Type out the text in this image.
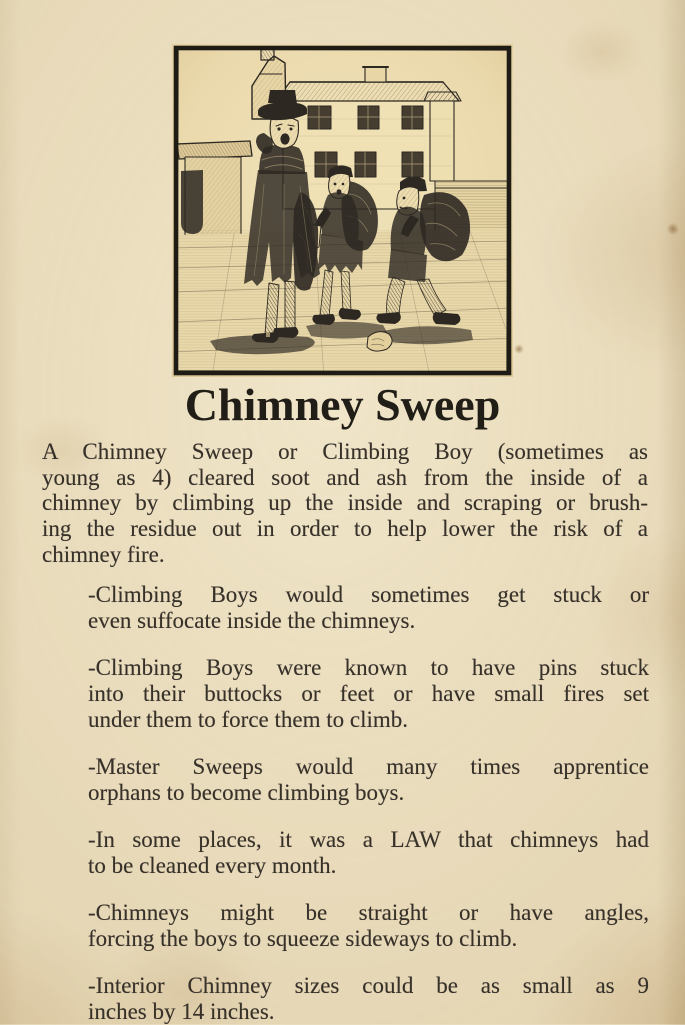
Chimney Sweep
A Chimney Sweep or Climbing Boy (sometimes as
young as 4) cleared soot and ash from the inside of a
chimney by climbing up the inside and scraping or brush-
ing the residue out in order to help lower the risk of a
chimney fire.
-Climbing Boys would sometimes get stuck or
even suffocate inside the chimneys.
-Climbing Boys were known to have pins stuck
into their buttocks or feet or have small fires set
under them to force them to climb.
-Master Sweeps would many times apprentice
orphans to become climbing boys.
-In some places, it was a LAW that chimneys had
to be cleaned every month.
-Chimneys might be straight or have angles,
forcing the boys to squeeze sideways to climb.
-Interior Chimney sizes could be as small as 9
inches by 14 inches.
